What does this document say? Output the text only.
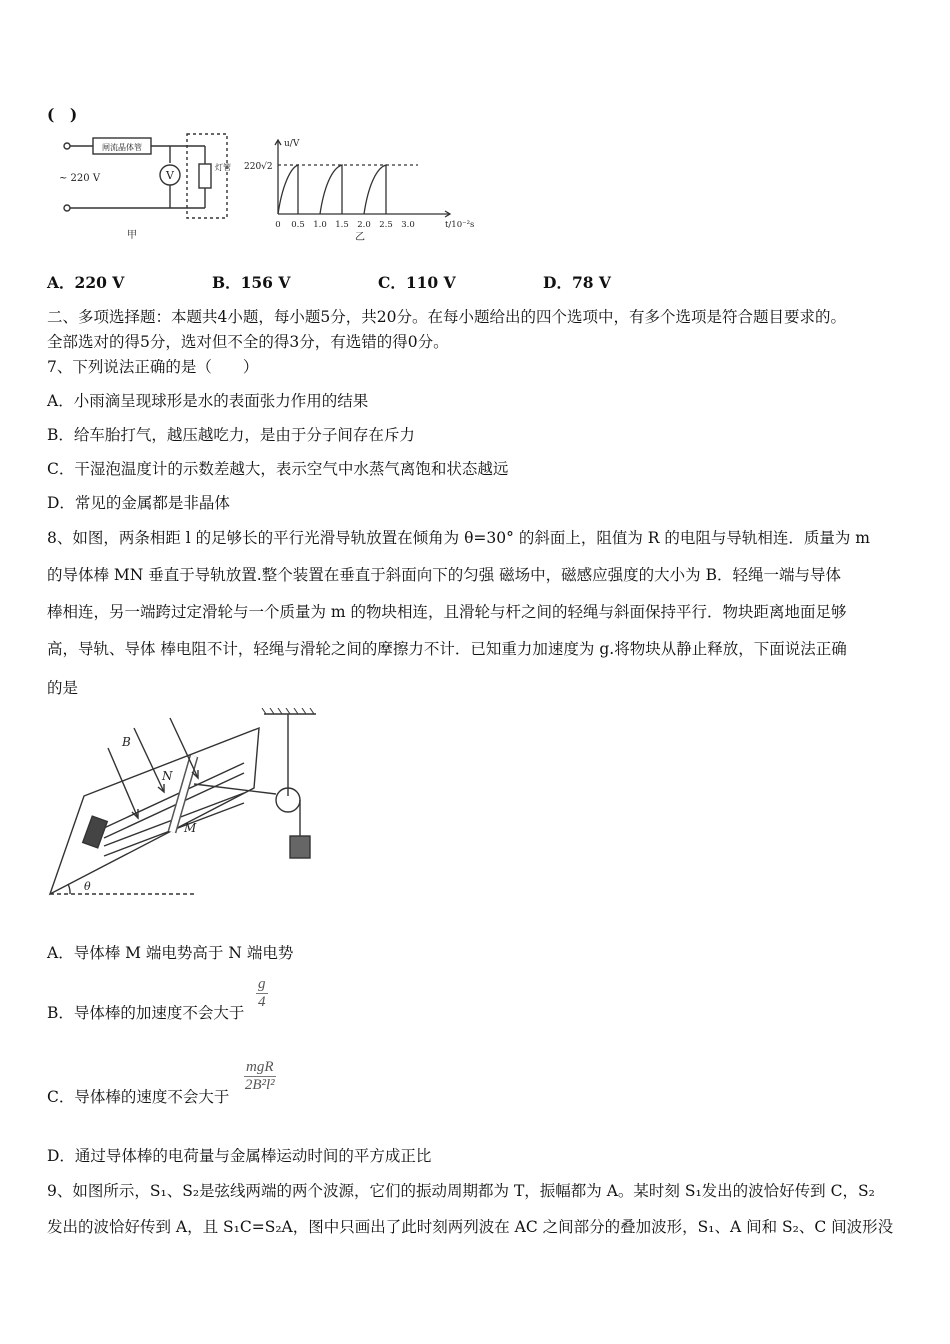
(　)
闸流晶体管
V
~ 220 V
灯管
甲
u/V
220√2
0 0.5 1.0 1.5 2.0 2.5 3.0	t/10⁻²s
乙
A．220 V	B．156 V	C．110 V	D．78 V
二、多项选择题：本题共4小题，每小题5分，共20分。在每小题给出的四个选项中，有多个选项是符合题目要求的。
全部选对的得5分，选对但不全的得3分，有选错的得0分。
7、下列说法正确的是（　　）
A．小雨滴呈现球形是水的表面张力作用的结果
B．给车胎打气，越压越吃力，是由于分子间存在斥力
C．干湿泡温度计的示数差越大，表示空气中水蒸气离饱和状态越远
D．常见的金属都是非晶体
8、如图，两条相距 l 的足够长的平行光滑导轨放置在倾角为 θ=30° 的斜面上，阻值为 R 的电阻与导轨相连．质量为 m
的导体棒 MN 垂直于导轨放置.整个装置在垂直于斜面向下的匀强 磁场中，磁感应强度的大小为 B．轻绳一端与导体
棒相连，另一端跨过定滑轮与一个质量为 m 的物块相连，且滑轮与杆之间的轻绳与斜面保持平行．物块距离地面足够
高，导轨、导体 棒电阻不计，轻绳与滑轮之间的摩擦力不计．已知重力加速度为 g.将物块从静止释放，下面说法正确
的是
B
N
M
θ
A．导体棒 M 端电势高于 N 端电势
B．导体棒的加速度不会大于
$\frac{g}{4}$
C．导体棒的速度不会大于
mgR
2B²l²
D．通过导体棒的电荷量与金属棒运动时间的平方成正比
9、如图所示，S₁、S₂是弦线两端的两个波源，它们的振动周期都为 T，振幅都为 A。某时刻 S₁发出的波恰好传到 C，S₂
发出的波恰好传到 A，且 S₁C=S₂A，图中只画出了此时刻两列波在 AC 之间部分的叠加波形，S₁、A 间和 S₂、C 间波形没
